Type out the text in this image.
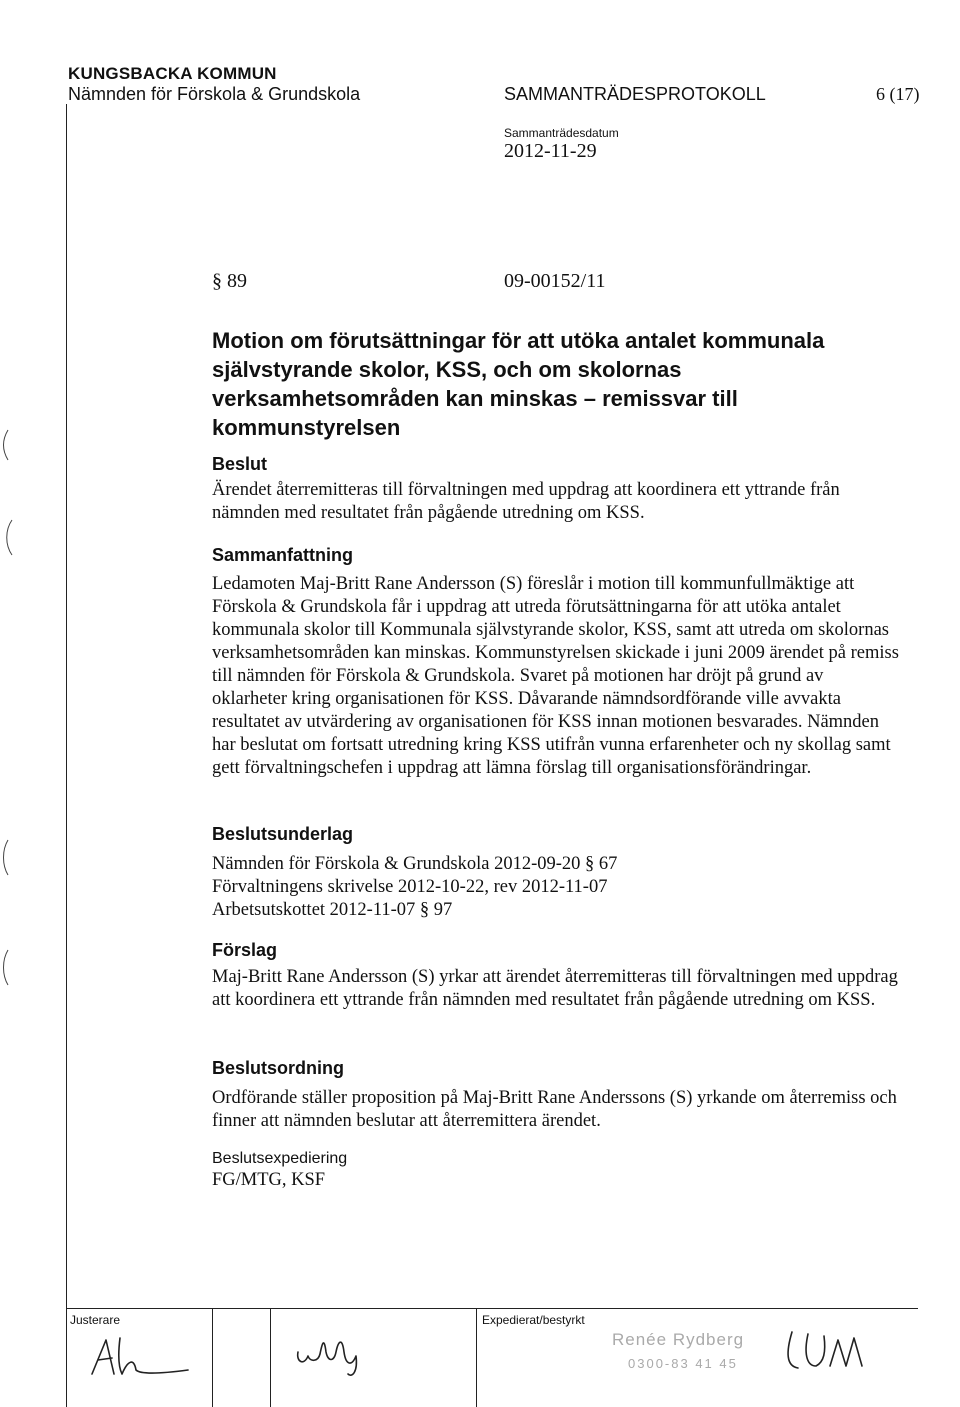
KUNGSBACKA KOMMUN
Nämnden för Förskola & Grundskola	SAMMANTRÄDESPROTOKOLL	6 (17)
Sammanträdesdatum
2012-11-29
§ 89	09-00152/11
Motion om förutsättningar för att utöka antalet kommunala självstyrande skolor, KSS, och om skolornas verksamhetsområden kan minskas – remissvar till kommunstyrelsen
Beslut
Ärendet återremitteras till förvaltningen med uppdrag att koordinera ett yttrande från nämnden med resultatet från pågående utredning om KSS.
Sammanfattning
Ledamoten Maj-Britt Rane Andersson (S) föreslår i motion till kommunfullmäktige att Förskola & Grundskola får i uppdrag att utreda förutsättningarna för att utöka antalet kommunala skolor till Kommunala självstyrande skolor, KSS, samt att utreda om skolornas verksamhetsområden kan minskas. Kommunstyrelsen skickade i juni 2009 ärendet på remiss till nämnden för Förskola & Grundskola. Svaret på motionen har dröjt på grund av oklarheter kring organisationen för KSS. Dåvarande nämndsordförande ville avvakta resultatet av utvärdering av organisationen för KSS innan motionen besvarades. Nämnden har beslutat om fortsatt utredning kring KSS utifrån vunna erfarenheter och ny skollag samt gett förvaltningschefen i uppdrag att lämna förslag till organisationsförändringar.
Beslutsunderlag
Nämnden för Förskola & Grundskola 2012-09-20 § 67
Förvaltningens skrivelse 2012-10-22, rev 2012-11-07
Arbetsutskottet 2012-11-07 § 97
Förslag
Maj-Britt Rane Andersson (S) yrkar att ärendet återremitteras till förvaltningen med uppdrag att koordinera ett yttrande från nämnden med resultatet från pågående utredning om KSS.
Beslutsordning
Ordförande ställer proposition på Maj-Britt Rane Anderssons (S) yrkande om återremiss och finner att nämnden beslutar att återremittera ärendet.
Beslutsexpediering
FG/MTG, KSF
Justerare	Expedierat/bestyrkt
Renée Rydberg
0300-83 41 45
